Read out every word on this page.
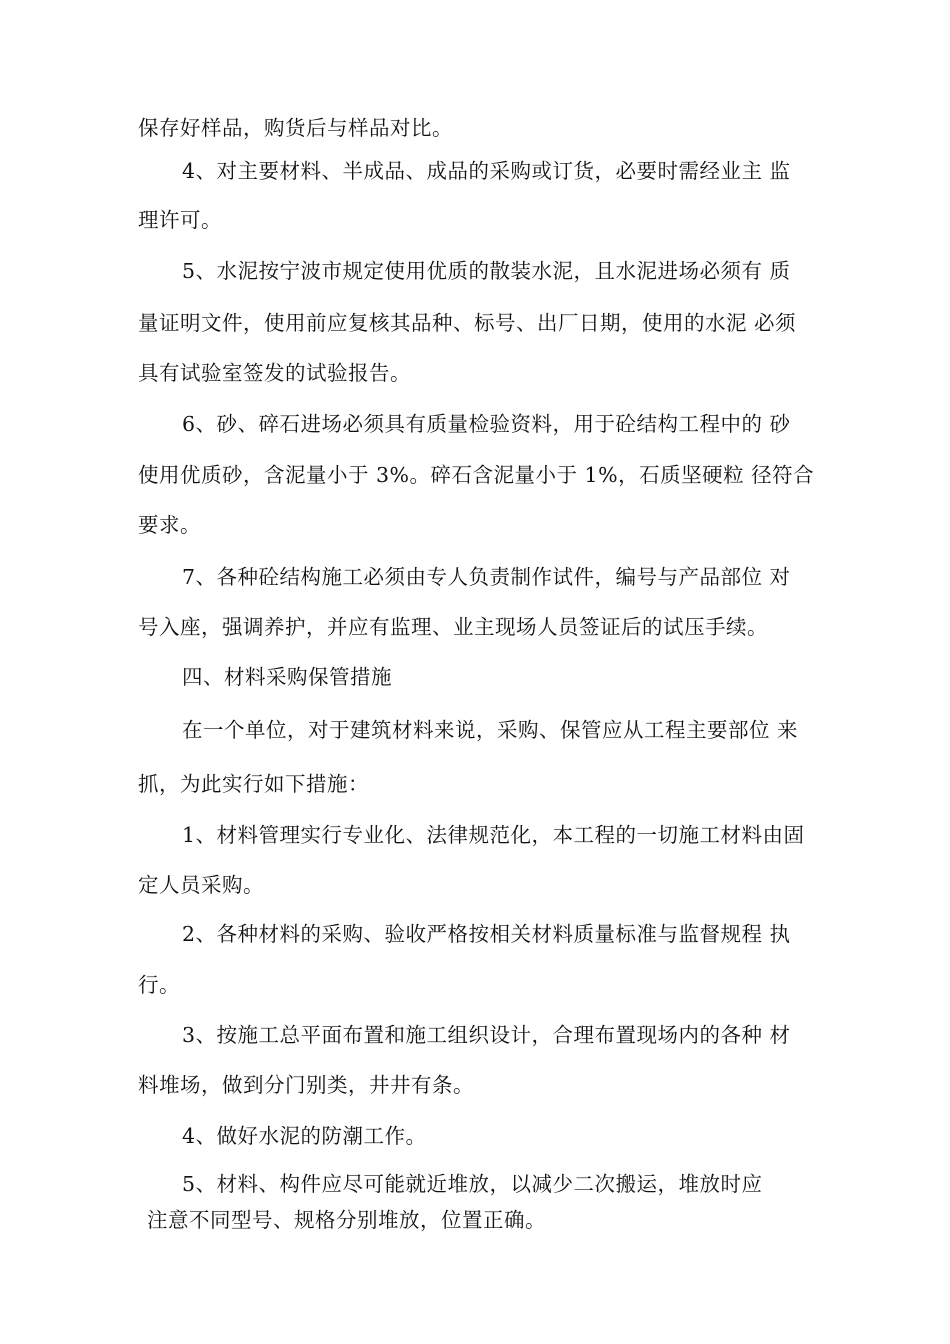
保存好样品，购货后与样品对比。
4、对主要材料、半成品、成品的采购或订货，必要时需经业主 监
理许可。
5、水泥按宁波市规定使用优质的散装水泥，且水泥进场必须有 质
量证明文件，使用前应复核其品种、标号、出厂日期，使用的水泥 必须
具有试验室签发的试验报告。
6、砂、碎石进场必须具有质量检验资料，用于砼结构工程中的 砂
使用优质砂，含泥量小于 3%。碎石含泥量小于 1%，石质坚硬粒 径符合
要求。
7、各种砼结构施工必须由专人负责制作试件，编号与产品部位 对
号入座，强调养护，并应有监理、业主现场人员签证后的试压手续。
四、材料采购保管措施
在一个单位，对于建筑材料来说，采购、保管应从工程主要部位 来
抓，为此实行如下措施：
1、材料管理实行专业化、法律规范化，本工程的一切施工材料由固
定人员采购。
2、各种材料的采购、验收严格按相关材料质量标准与监督规程 执
行。
3、按施工总平面布置和施工组织设计，合理布置现场内的各种 材
料堆场，做到分门别类，井井有条。
4、做好水泥的防潮工作。
5、材料、构件应尽可能就近堆放，以减少二次搬运，堆放时应
注意不同型号、规格分别堆放，位置正确。
